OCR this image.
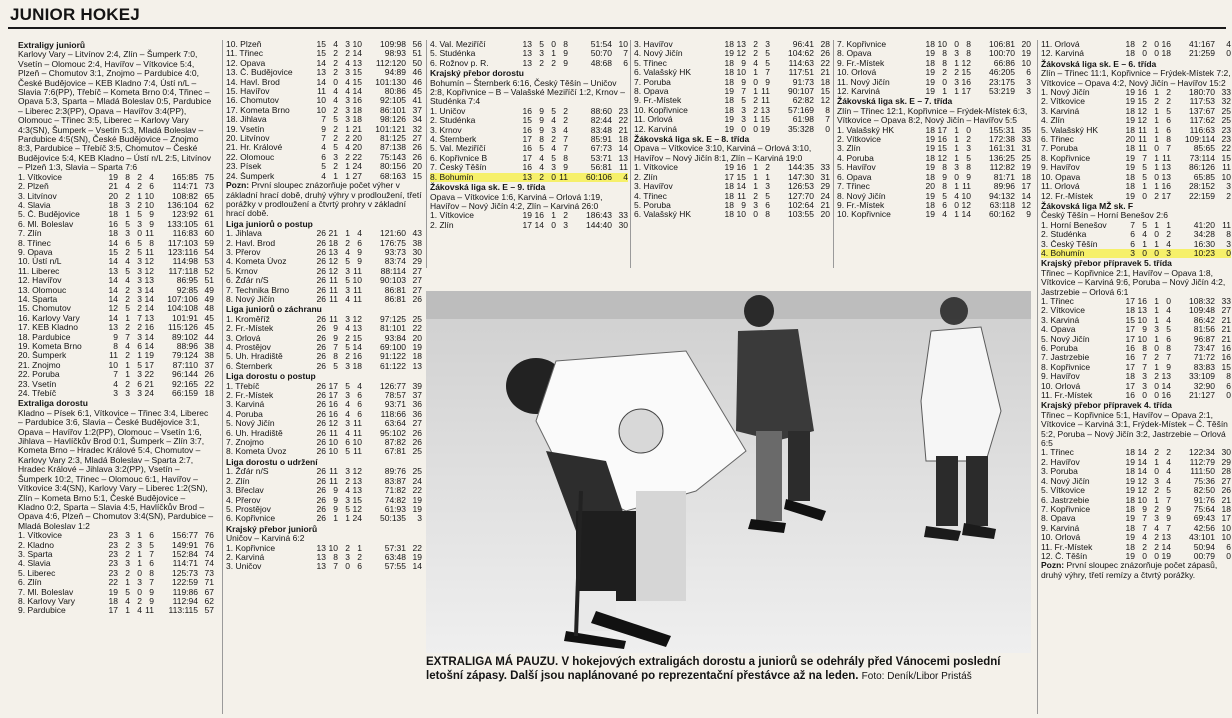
JUNIOR HOKEJ
Extraligy juniorů
Karlovy Vary – Litvínov 2:4, Zlín – Šumperk 7:0, Vsetín – Olomouc 2:4, Havířov – Vítkovice 5:4, Plzeň – Chomutov 3:1, Znojmo – Pardubice 4:0, České Budějovice – KEB Kladno 7:4, Ústí n/L – Slavia 7:6(PP), Třebíč – Kometa Brno 0:4, Třinec – Opava 5:3, Sparta – Mladá Boleslav 0:5, Pardubice – Liberec 2:3(PP), Opava – Havířov 3:4(PP), Olomouc – Třinec 3:5, Liberec – Karlovy Vary 4:3(SN), Šumperk – Vsetín 5:3, Mladá Boleslav – Pardubice 4:5(SN), České Budějovice – Znojmo 8:3, Pardubice – Třebíč 3:5, Chomutov – České Budějovice 5:4, KEB Kladno – Ústí n/L 2:5, Litvínov – Plzeň 1:3, Slavia – Sparta 7:6
1. Vítkovice	19 8 2 4	165:85 75
2. Plzeň	21 4 2 6	114:71 73
3. Litvínov	20 2 1 10	108:82 65
4. Slavia	18 3 2 10	136:104 62
5. Č. Budějovice	18 1 5 9	123:92 61
6. Ml. Boleslav	16 5 3 9	133:105 61
7. Zlín	18 3 0 11	116:83 60
8. Třinec	14 6 5 8	117:103 59
9. Opava	15 2 5 11	123:116 54
10. Ústí n/L	14 4 3 12	114:98 53
11. Liberec	13 5 3 12	117:118 52
12. Havířov	14 4 3 13	86:95 51
13. Olomouc	14 2 3 14	92:85 49
14. Sparta	14 2 3 14	107:106 49
15. Chomutov	12 5 2 14	104:108 48
16. Karlovy Vary	14 1 7 13	101:91 45
17. KEB Kladno	13 2 2 16	115:126 45
18. Pardubice	9 7 3 14	89:102 44
19. Kometa Brno	8 4 6 14	88:96 38
20. Šumperk	11 2 1 19	79:124 38
21. Znojmo	10 1 5 17	87:110 37
22. Poruba	7 1 3 22	96:144 26
23. Vsetín	4 2 6 21	92:165 22
24. Třebíč	3 3 3 24	66:159 18
Extraliga dorostu
Kladno – Písek 6:1, Vítkovice – Třinec 3:4, Liberec – Pardubice 3:6, Slavia – České Budějovice 3:1, Opava – Havířov 1:2(PP), Olomouc – Vsetín 1:6, Jihlava – Havlíčkův Brod 0:1, Šumperk – Zlín 3:7, Kometa Brno – Hradec Králové 5:4, Chomutov – Karlovy Vary 2:3, Mladá Boleslav – Sparta 2:7, Hradec Králové – Jihlava 3:2(PP), Vsetín – Šumperk 10:2, Třinec – Olomouc 6:1, Havířov – Vítkovice 3:4(SN), Karlovy Vary – Liberec 1:2(SN), Zlín – Kometa Brno 5:1, České Budějovice – Kladno 0:2, Sparta – Slavia 4:5, Havlíčkův Brod – Opava 4:6, Plzeň – Chomutov 3:4(SN), Pardubice – Mladá Boleslav 1:2
1. Vítkovice	23 3 1 6	156:77 76
2. Kladno	23 2 3 5	149:91 76
3. Sparta	23 2 1 7	152:84 74
4. Slavia	23 3 1 6	114:71 74
5. Liberec	23 2 0 8	125:73 73
6. Zlín	22 1 3 7	122:59 71
7. Ml. Boleslav	19 5 0 9	119:86 67
8. Karlovy Vary	18 4 2 9	112:94 62
9. Pardubice	17 1 4 11	113:115 57
10. Plzeň	15 4 3 10	109:98 56
11. Třinec	15 2 2 14	98:93 51
12. Opava	14 2 4 13	112:120 50
13. Č. Budějovice	13 2 3 15	94:89 46
14. Havl. Brod	14 0 4 15	101:130 46
15. Havířov	11 4 4 14	80:86 45
16. Chomutov	10 4 3 16	92:105 41
17. Kometa Brno	10 2 3 18	86:101 37
18. Jihlava	7 5 3 18	98:126 34
19. Vsetín	9 2 1 21	101:121 32
20. Litvínov	7 2 2 20	81:125 27
21. Hr. Králové	4 5 4 20	87:138 26
22. Olomouc	6 3 2 22	75:143 26
23. Písek	5 2 1 24	80:156 20
24. Šumperk	4 1 1 27	68:163 15
Pozn: První sloupec znázorňuje počet výher v základní hrací době, druhý výhry v prodloužení, třetí porážky v prodloužení a čtvrtý prohry v základní hrací době.
Liga juniorů o postup
1. Jihlava	26 21 1 4	121:60 43
2. Havl. Brod	26 18 2 6	176:75 38
3. Přerov	26 13 4 9	93:73 30
4. Kometa Úvoz	26 12 5 9	83:74 29
5. Krnov	26 12 3 11	88:114 27
6. Žďár n/S	26 11 5 10	90:103 27
7. Technika Brno	26 11 3 11	86:81 27
8. Nový Jičín	26 11 4 11	86:81 26
Liga juniorů o záchranu
1. Kroměříž	26 11 3 12	97:125 25
2. Fr.-Místek	26 9 4 13	81:101 22
3. Orlová	26 9 2 15	93:84 20
4. Prostějov	26 7 5 14	69:100 19
5. Uh. Hradiště	26 8 2 16	91:122 18
6. Šternberk	26 5 3 18	61:122 13
Liga dorostu o postup
1. Třebíč	26 17 5 4	126:77 39
2. Fr.-Místek	26 17 3 6	78:57 37
3. Karviná	26 16 4 6	93:71 36
4. Poruba	26 16 4 6	118:66 36
5. Nový Jičín	26 12 3 11	63:64 27
6. Uh. Hradiště	26 11 4 11	95:102 26
7. Znojmo	26 10 6 10	87:82 26
8. Kometa Úvoz	26 10 5 11	67:81 25
Liga dorostu o udržení
1. Žďár n/S	26 11 3 12	89:76 25
2. Zlín	26 11 2 13	83:87 24
3. Břeclav	26 9 4 13	71:82 22
4. Přerov	26 9 3 15	74:82 19
5. Prostějov	26 9 5 12	61:93 19
6. Kopřivnice	26 1 1 24	50:135	3
Krajský přebor juniorů
Uničov – Karviná 6:2
1. Kopřivnice	13 10 2 1	57:31 22
2. Karviná	13 8 3 2	63:48 19
3. Uničov	13 7 0 6	57:55 14
4. Val. Meziříčí	13 5 0 8	51:54 10
5. Studénka	13 3 1 9	50:70	7
6. Rožnov p. R.	13 2 2 9	48:68	6
Krajský přebor dorostu
Bohumín – Šternberk 6:16, Český Těšín – Uničov 2:8, Kopřivnice – B – Valašské Meziříčí 1:2, Krnov – Studénka 7:4
1. Uničov	16 9 5 2	88:60 23
2. Studénka	15 9 4 2	82:44 22
3. Krnov	16 9 3 4	83:48 21
4. Šternberk	17 8 2 7	85:91 18
5. Val. Meziříčí	16 5 4 7	67:73 14
6. Kopřivnice B	17 4 5 8	53:71 13
7. Český Těšín	16 4 3 9	56:81 11
8. Bohumín	13 2 0 11	60:106	4
Žákovská liga sk. E – 9. třída
Opava – Vítkovice 1:6, Karviná – Orlová 1:19, Havířov – Nový Jičín 4:2, Zlín – Karviná 26:0
1. Vítkovice	19 16 1 2	186:43 33
2. Zlín	17 14 0 3	144:40 30
3. Havířov	18 13 2 3	96:41 28
4. Nový Jičín	19 12 2 5	104:62 26
5. Třinec	18 9 4 5	114:63 22
6. Valašský HK	18 10 1 7	117:51 21
7. Poruba	18 9 0 9	91:73 18
8. Opava	19 7 1 11	90:107 15
9. Fr.-Místek	18 5 2 11	62:82 12
10. Kopřivnice	18 3 2 13	57:169	8
11. Orlová	19 3 1 15	61:98	7
12. Karviná	19 0 0 19	35:328	0
Žákovská liga sk. E – 8. třída
Opava – Vítkovice 3:10, Karviná – Orlová 3:10, Havířov – Nový Jičín 8:1, Zlín – Karviná 19:0
1. Vítkovice	19 16 1 2	144:35 33
2. Zlín	17 15 1 1	147:30 31
3. Havířov	18 14 1 3	126:53 29
4. Třinec	18 11 2 5	127:70 24
5. Poruba	18 9 3 6	102:64 21
6. Valašský HK	18 10 0 8	103:55 20
7. Kopřivnice	18 10 0 8	106:81 20
8. Opava	19 8 3 8	100:70 19
9. Fr.-Místek	18 8 1 12	66:86 10
10. Orlová	19 2 2 15	46:205	6
11. Nový Jičín	19 0 3 16	23:175	3
12. Karviná	19 1 1 17	53:219	3
Žákovská liga sk. E – 7. třída
Zlín – Třinec 12:1, Kopřivnice – Frýdek-Místek 6:3, Vítkovice – Opava 8:2, Nový Jičín – Havířov 5:5
1. Valašský HK	18 17 1 0	155:31 35
2. Vítkovice	19 16 1 2	172:38 33
3. Zlín	19 15 1 3	161:31 31
4. Poruba	18 12 1 5	136:25 25
5. Havířov	19 8 3 8	112:82 19
6. Opava	18 9 0 9	81:71 18
7. Třinec	20 8 1 11	89:96 17
8. Nový Jičín	19 5 4 10	94:132 14
9. Fr.-Místek	18 6 0 12	63:118 12
10. Kopřivnice	19 4 1 14	60:162	9
11. Orlová	18 2 0 16	41:167	4
12. Karviná	18 0 0 18	21:259	0
Žákovská liga sk. E – 6. třída
Zlín – Třinec 11:1, Kopřivnice – Frýdek-Místek 7:2, Vítkovice – Opava 4:2, Nový Jičín – Havířov 15:2
1. Nový Jičín	19 16 1 2	180:70 33
2. Vítkovice	19 15 2 2	117:53 32
3. Karviná	18 12 1 5	137:67 25
4. Zlín	19 12 1 6	117:62 25
5. Valašský HK	18 11 1 6	116:63 23
6. Třinec	20 11 1 8	109:114 23
7. Poruba	18 11 0 7	85:65 22
8. Kopřivnice	19 7 1 11	73:114 15
9. Havířov	19 5 1 13	86:126 11
10. Opava	18 5 0 13	65:85 10
11. Orlová	18 1 1 16	28:152	3
12. Fr.-Místek	19 0 2 17	22:159	2
Žákovská liga MŽ sk. F
Český Těšín – Horní Benešov 2:6
1. Horní Benešov	7 5 1 1	41:20 11
2. Studénka	6 4 0 2	34:28	8
3. Český Těšín	6 1 1 4	16:30	3
4. Bohumín	3 0 0 3	10:23	0
Krajský přebor přípravek 5. třída
Třinec – Kopřivnice 2:1, Havířov – Opava 1:8, Vítkovice – Karviná 9:6, Poruba – Nový Jičín 4:2, Jastrzebie – Orlová 6:1
1. Třinec	17 16 1 0	108:32 33
2. Vítkovice	18 13 1 4	109:48 27
3. Karviná	15 10 1 4	86:42 21
4. Opava	17 9 3 5	81:56 21
5. Nový Jičín	17 10 1 6	96:87 21
6. Poruba	16 8 0 8	73:47 16
7. Jastrzebie	16 7 2 7	71:72 16
8. Kopřivnice	17 7 1 9	83:83 15
9. Havířov	18 3 2 13	33:109	8
10. Orlová	17 3 0 14	32:90	6
11. Fr.-Místek	16 0 0 16	21:127	0
Krajský přebor přípravek 4. třída
Třinec – Kopřivnice 5:1, Havířov – Opava 2:1, Vítkovice – Karviná 3:1, Frýdek-Místek – Č. Těšín 5:2, Poruba – Nový Jičín 3:2, Jastrzebie – Orlová 6:5
1. Třinec	18 14 2 2	122:34 30
2. Havířov	19 14 1 4	112:79 29
3. Poruba	18 14 0 4	111:50 28
4. Nový Jičín	19 12 3 4	75:36 27
5. Vítkovice	19 12 2 5	82:50 26
6. Jastrzebie	18 10 1 7	91:76 21
7. Kopřivnice	18 9 2 9	75:64 18
8. Opava	19 7 3 9	69:43 17
9. Karviná	18 7 4 7	42:56 10
10. Orlová	19 4 2 13	43:101 10
11. Fr.-Místek	18 2 2 14	50:94	6
12. Č. Těšín	19 0 0 19	00:79	0
Pozn: První sloupec znázorňuje počet zápasů, druhý výhry, třetí remízy a čtvrtý porážky.
EXTRALIGA MÁ PAUZU. V hokejových extraligách dorostu a juniorů se odehrály před Vánocemi poslední letošní zápasy. Další jsou naplánované po reprezentační přestávce až na leden. Foto: Deník/Libor Pristáš
